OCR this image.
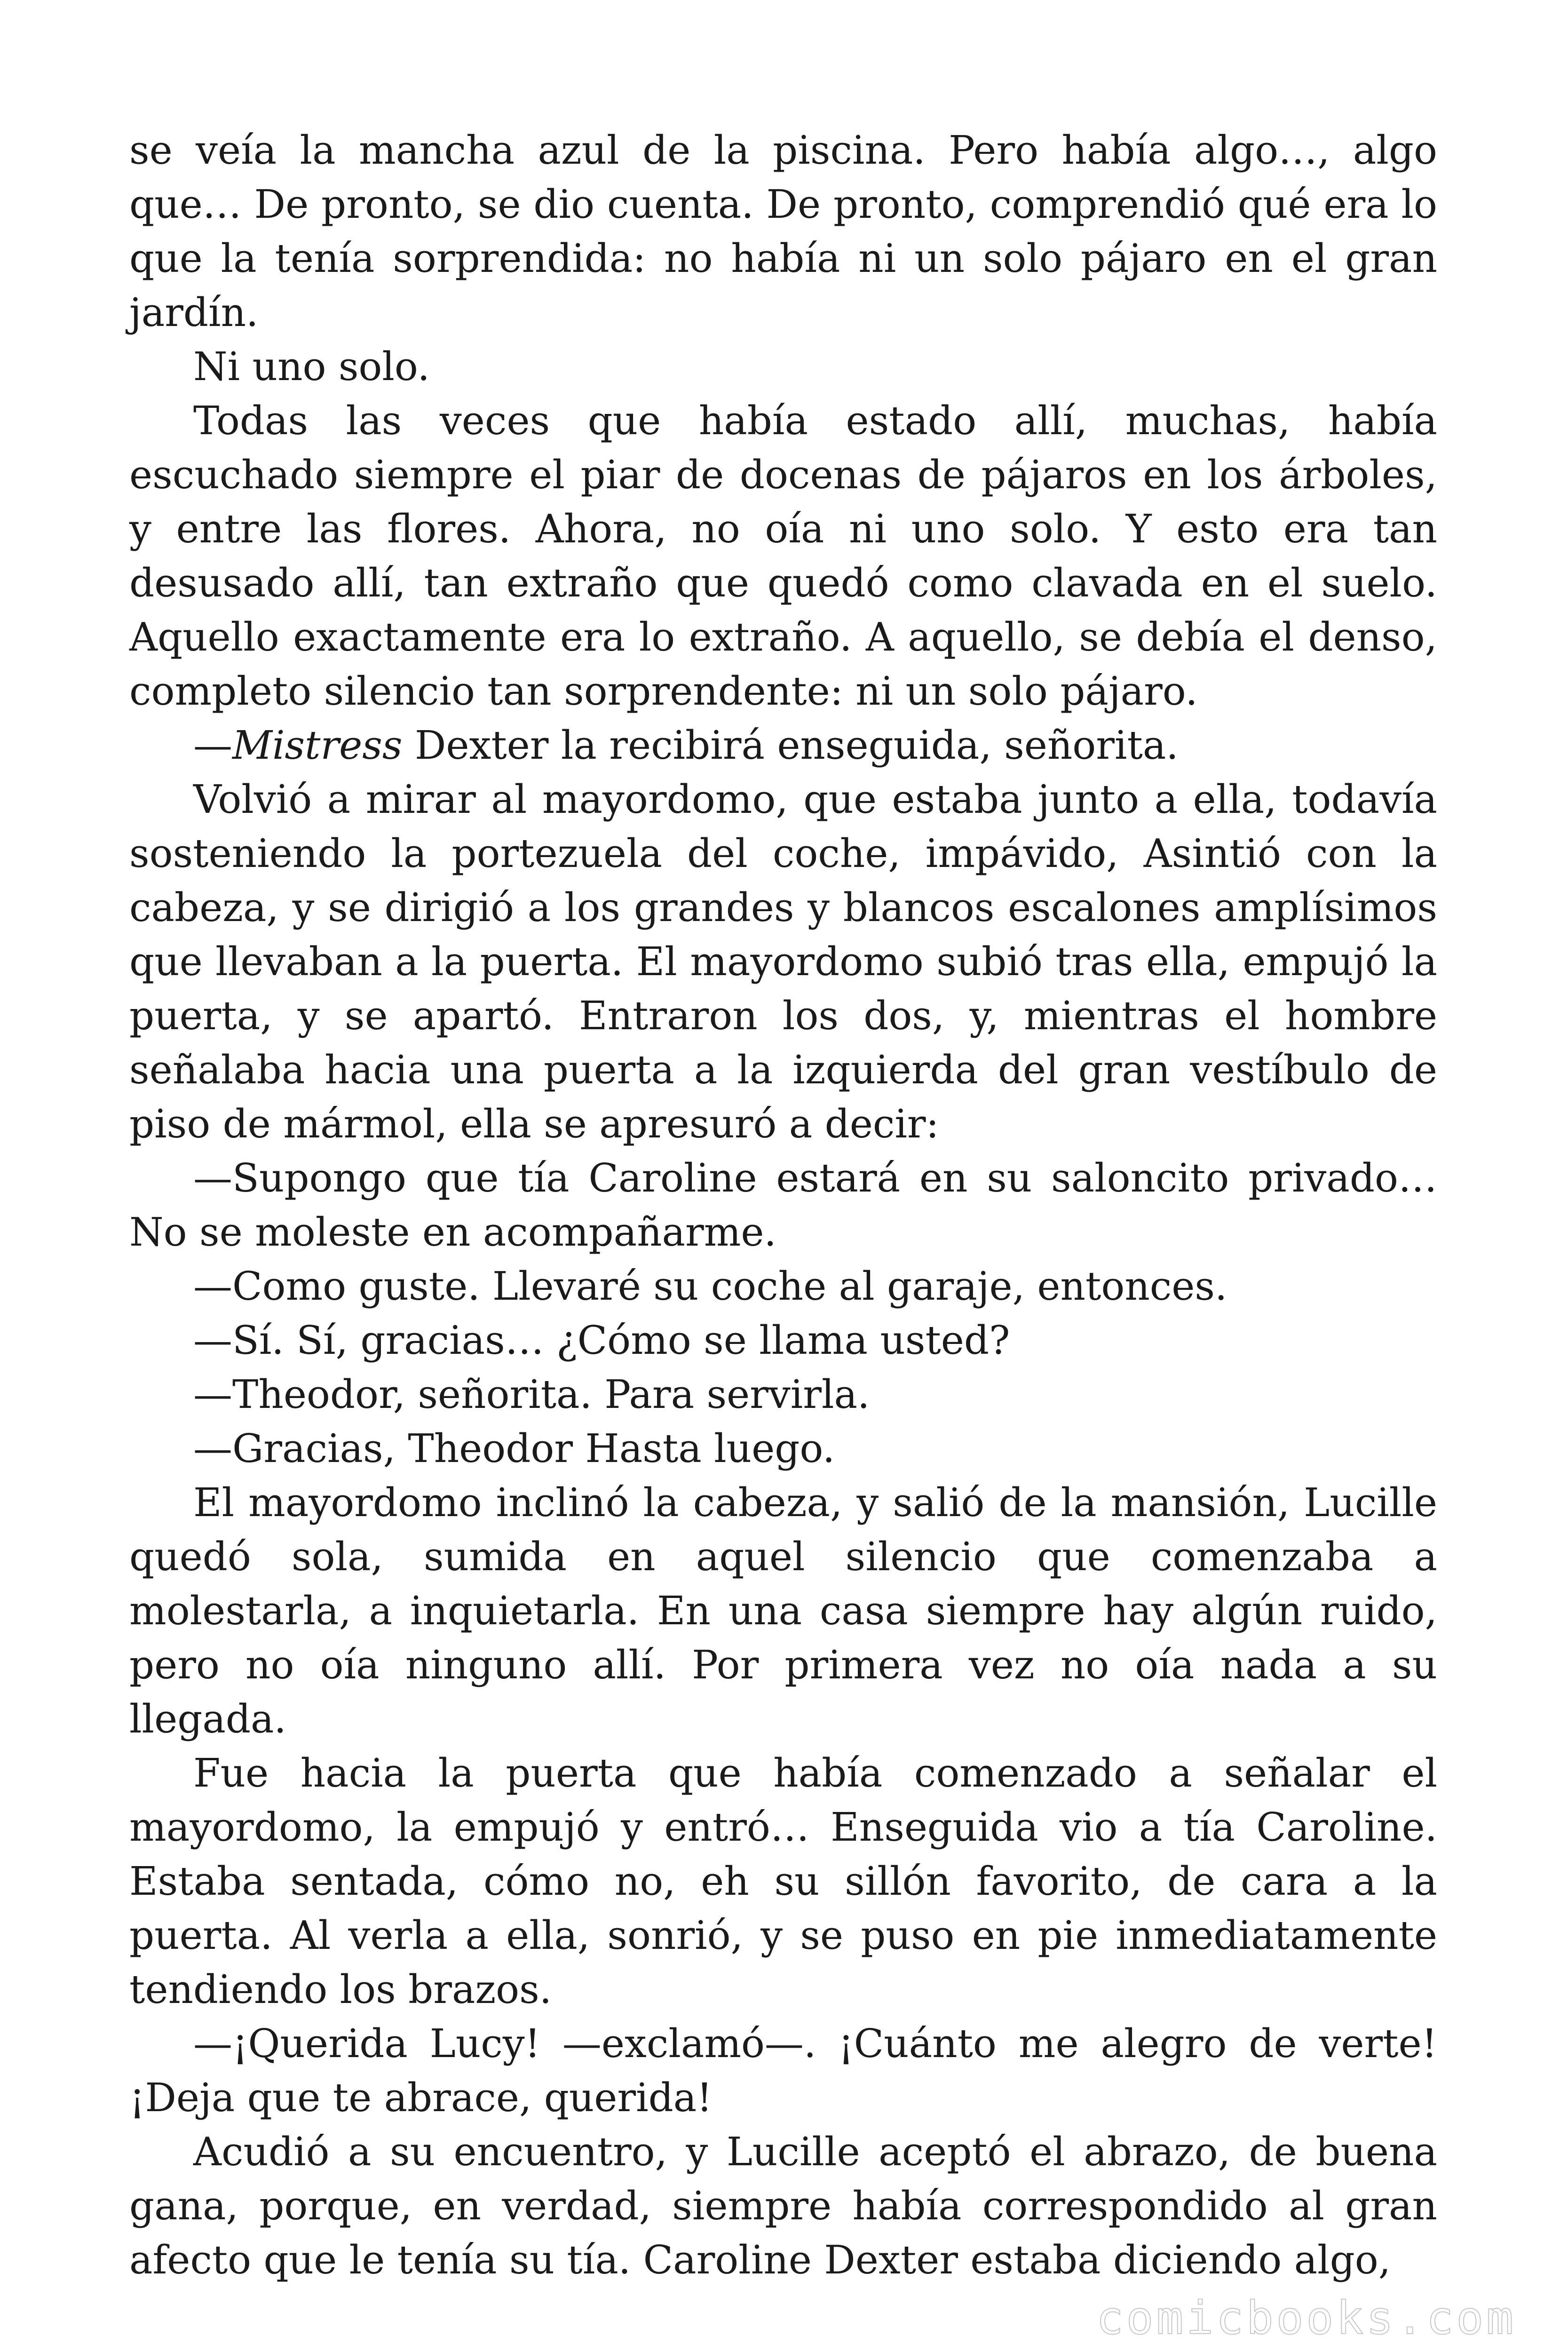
se veía la mancha azul de la piscina. Pero había algo…, algo que… De pronto, se dio cuenta. De pronto, comprendió qué era lo que la tenía sorprendida: no había ni un solo pájaro en el gran jardín.

Ni uno solo.

Todas las veces que había estado allí, muchas, había escuchado siempre el piar de docenas de pájaros en los árboles, y entre las flores. Ahora, no oía ni uno solo. Y esto era tan desusado allí, tan extraño que quedó como clavada en el suelo. Aquello exactamente era lo extraño. A aquello, se debía el denso, completo silencio tan sorprendente: ni un solo pájaro.

—Mistress Dexter la recibirá enseguida, señorita.

Volvió a mirar al mayordomo, que estaba junto a ella, todavía sosteniendo la portezuela del coche, impávido, Asintió con la cabeza, y se dirigió a los grandes y blancos escalones amplísimos que llevaban a la puerta. El mayordomo subió tras ella, empujó la puerta, y se apartó. Entraron los dos, y, mientras el hombre señalaba hacia una puerta a la izquierda del gran vestíbulo de piso de mármol, ella se apresuró a decir:

—Supongo que tía Caroline estará en su saloncito privado… No se moleste en acompañarme.

—Como guste. Llevaré su coche al garaje, entonces.

—Sí. Sí, gracias… ¿Cómo se llama usted?

—Theodor, señorita. Para servirla.

—Gracias, Theodor Hasta luego.

El mayordomo inclinó la cabeza, y salió de la mansión, Lucille quedó sola, sumida en aquel silencio que comenzaba a molestarla, a inquietarla. En una casa siempre hay algún ruido, pero no oía ninguno allí. Por primera vez no oía nada a su llegada.

Fue hacia la puerta que había comenzado a señalar el mayordomo, la empujó y entró… Enseguida vio a tía Caroline. Estaba sentada, cómo no, eh su sillón favorito, de cara a la puerta. Al verla a ella, sonrió, y se puso en pie inmediatamente tendiendo los brazos.

—¡Querida Lucy! —exclamó—. ¡Cuánto me alegro de verte! ¡Deja que te abrace, querida!

Acudió a su encuentro, y Lucille aceptó el abrazo, de buena gana, porque, en verdad, siempre había correspondido al gran afecto que le tenía su tía. Caroline Dexter estaba diciendo algo,

comicbooks.com
